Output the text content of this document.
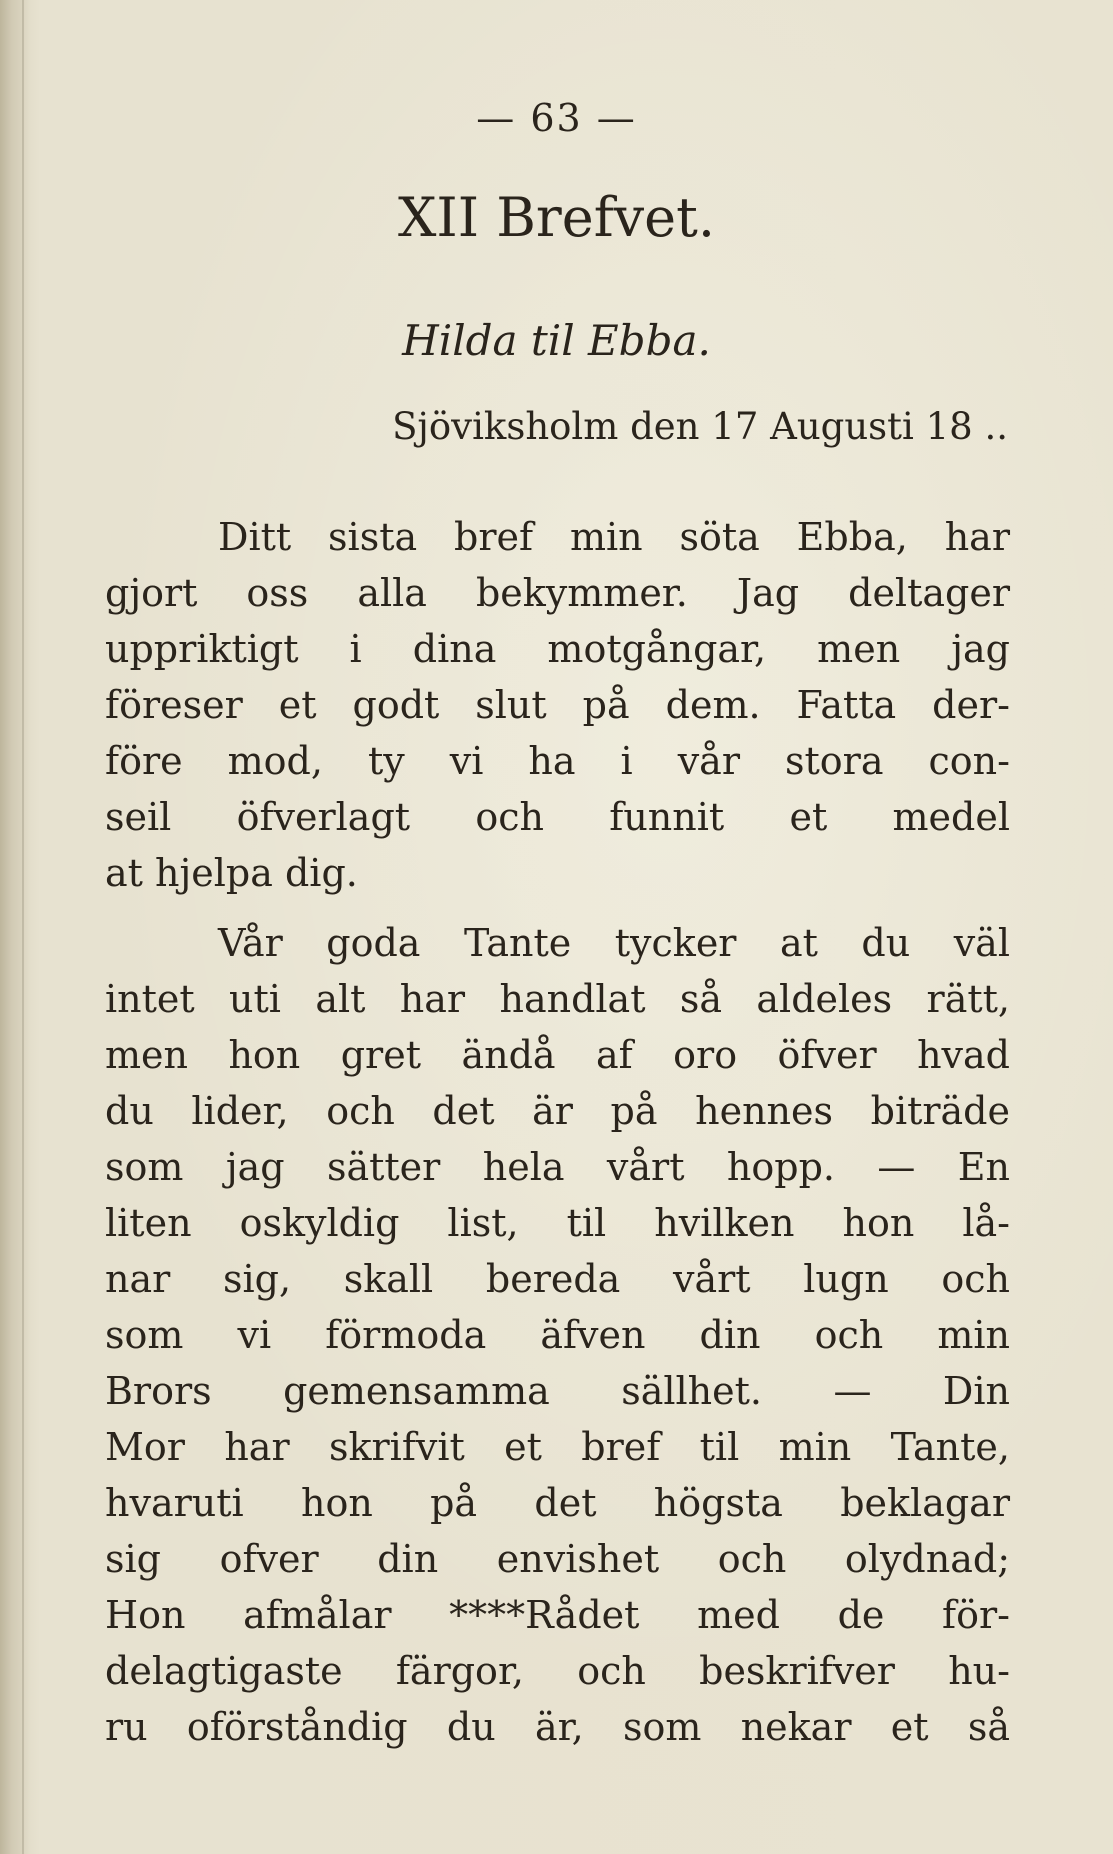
— 63 —
XII Brefvet.
Hilda til Ebba.
Sjöviksholm den 17 Augusti 18 ..
Ditt sista bref min söta Ebba, har
gjort oss alla bekymmer. Jag deltager
uppriktigt i dina motgångar, men jag
föreser et godt slut på dem. Fatta der-
före mod, ty vi ha i vår stora con-
seil öfverlagt och funnit et medel
at hjelpa dig.
Vår goda Tante tycker at du väl
intet uti alt har handlat så aldeles rätt,
men hon gret ändå af oro öfver hvad
du lider, och det är på hennes biträde
som jag sätter hela vårt hopp. — En
liten oskyldig list, til hvilken hon lå-
nar sig, skall bereda vårt lugn och
som vi förmoda äfven din och min
Brors gemensamma sällhet. — Din
Mor har skrifvit et bref til min Tante,
hvaruti hon på det högsta beklagar
sig ofver din envishet och olydnad;
Hon afmålar ****Rådet med de för-
delagtigaste färgor, och beskrifver hu-
ru oförståndig du är, som nekar et så
